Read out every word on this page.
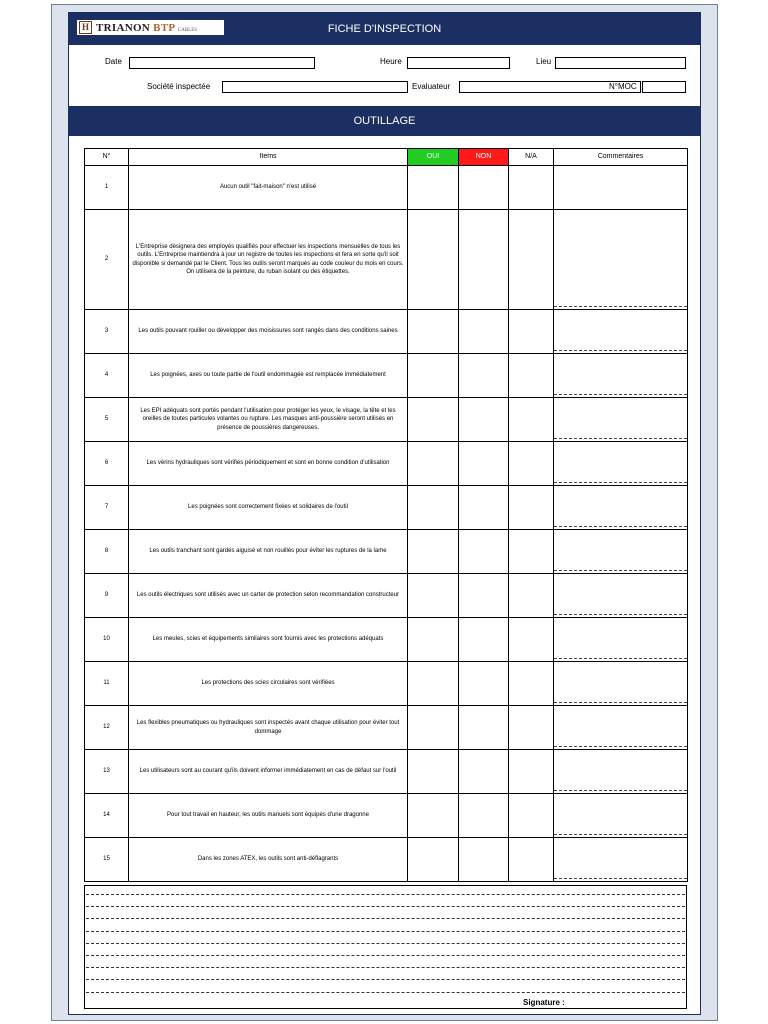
H TRIANON BTP CABLES	FICHE D'INSPECTION
Date	Heure	Lieu
Société inspectée	Evaluateur	N°MOC
OUTILLAGE
N°	Items	OUI	NON	N/A	Commentaires
1	Aucun outil "fait-maison" n'est utilisé				
2	L'Entreprise désignera des employés qualifiés pour effectuer les inspections mensuelles de tous les outils. L'Entreprise maintiendra à jour un registre de toutes les inspections et fera en sorte qu'il soit disponible si demandé par le Client. Tous les outils seront marqués au code couleur du mois en cours. On utilisera de la peinture, du ruban isolant ou des étiquettes.				

3	Les outils pouvant rouiller ou développer des moisissures sont rangés dans des conditions saines				

4	Les poignées, axes ou toute partie de l'outil endommagée est remplacée immédiatement				

5	Les EPI adéquats sont portés pendant l'utilisation pour protéger les yeux, le visage, la tête et les oreilles de toutes particules volantes ou rupture. Les masques anti-poussière seront utilisés en présence de poussières dangereuses.				

6	Les vérins hydrauliques sont vérifiés périodiquement et sont en bonne condition d'utilisation				

7	Les poignées sont correctement fixées et solidaires de l'outil				

8	Les outils tranchant sont gardés aiguisé et non rouillés pour éviter les ruptures de la lame				

9	Les outils électriques sont utilisés avec un carter de protection selon recommandation constructeur				

10	Les meules, scies et équipements similaires sont fournis avec les protections adéquats				

11	Les protections des scies circulaires sont vérifiées				

12	Les flexibles pneumatiques ou hydrauliques sont inspectés avant chaque utilisation pour éviter tout dommage				

13	Les utilisateurs sont au courant qu'ils doivent informer immédiatement en cas de défaut sur l'outil				

14	Pour tout travail en hauteur, les outils manuels sont équipés d'une dragonne				

15	Dans les zones ATEX, les outils sont anti-déflagrants				
Signature :
